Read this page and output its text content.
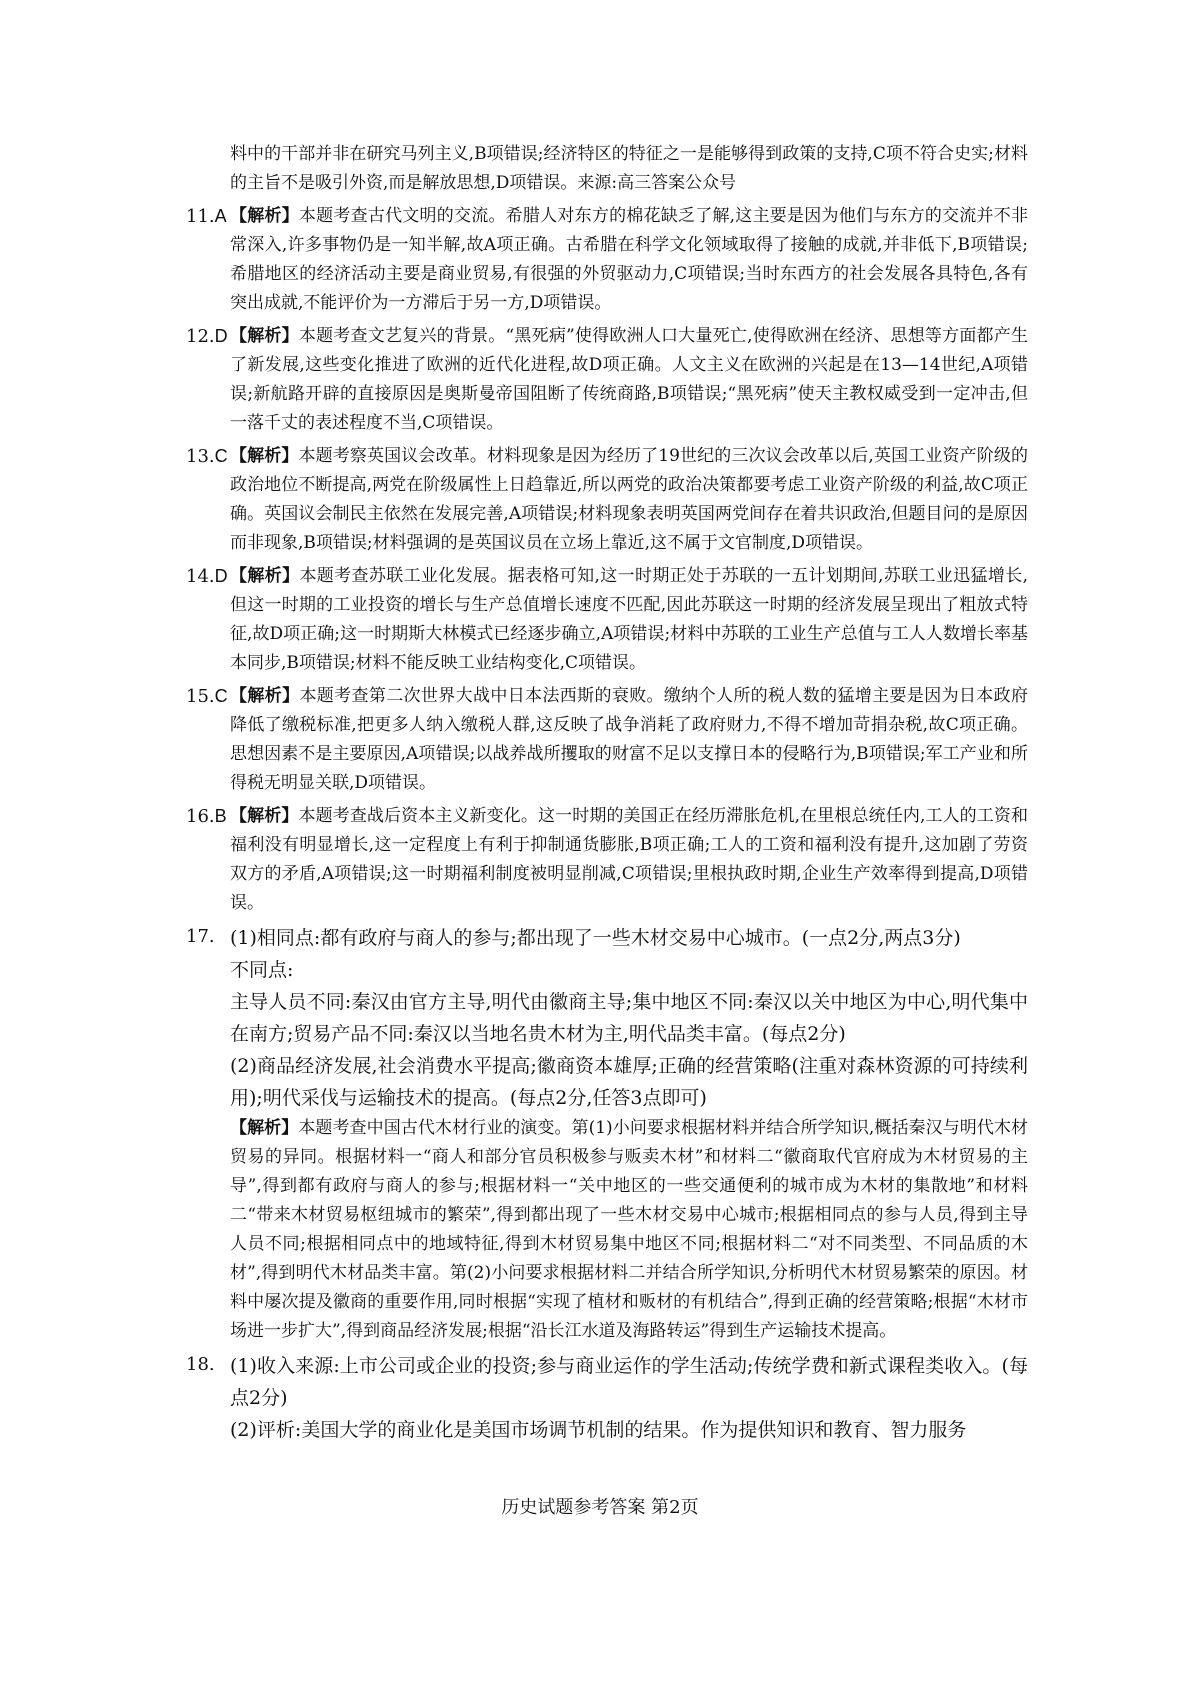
料中的干部并非在研究马列主义,B项错误;经济特区的特征之一是能够得到政策的支持,C项不符合史实;材料的主旨不是吸引外资,而是解放思想,D项错误。来源:高三答案公众号
11.A 【解析】本题考查古代文明的交流。希腊人对东方的棉花缺乏了解,这主要是因为他们与东方的交流并不非常深入,许多事物仍是一知半解,故A项正确。古希腊在科学文化领域取得了接触的成就,并非低下,B项错误;希腊地区的经济活动主要是商业贸易,有很强的外贸驱动力,C项错误;当时东西方的社会发展各具特色,各有突出成就,不能评价为一方滞后于另一方,D项错误。
12.D 【解析】本题考查文艺复兴的背景。“黑死病”使得欧洲人口大量死亡,使得欧洲在经济、思想等方面都产生了新发展,这些变化推进了欧洲的近代化进程,故D项正确。人文主义在欧洲的兴起是在13—14世纪,A项错误;新航路开辟的直接原因是奥斯曼帝国阻断了传统商路,B项错误;“黑死病”使天主教权威受到一定冲击,但一落千丈的表述程度不当,C项错误。
13.C 【解析】本题考察英国议会改革。材料现象是因为经历了19世纪的三次议会改革以后,英国工业资产阶级的政治地位不断提高,两党在阶级属性上日趋靠近,所以两党的政治决策都要考虑工业资产阶级的利益,故C项正确。英国议会制民主依然在发展完善,A项错误;材料现象表明英国两党间存在着共识政治,但题目问的是原因而非现象,B项错误;材料强调的是英国议员在立场上靠近,这不属于文官制度,D项错误。
14.D 【解析】本题考查苏联工业化发展。据表格可知,这一时期正处于苏联的一五计划期间,苏联工业迅猛增长,但这一时期的工业投资的增长与生产总值增长速度不匹配,因此苏联这一时期的经济发展呈现出了粗放式特征,故D项正确;这一时期斯大林模式已经逐步确立,A项错误;材料中苏联的工业生产总值与工人人数增长率基本同步,B项错误;材料不能反映工业结构变化,C项错误。
15.C 【解析】本题考查第二次世界大战中日本法西斯的衰败。缴纳个人所的税人数的猛增主要是因为日本政府降低了缴税标准,把更多人纳入缴税人群,这反映了战争消耗了政府财力,不得不增加苛捐杂税,故C项正确。思想因素不是主要原因,A项错误;以战养战所攫取的财富不足以支撑日本的侵略行为,B项错误;军工产业和所得税无明显关联,D项错误。
16.B 【解析】本题考查战后资本主义新变化。这一时期的美国正在经历滞胀危机,在里根总统任内,工人的工资和福利没有明显增长,这一定程度上有利于抑制通货膨胀,B项正确;工人的工资和福利没有提升,这加剧了劳资双方的矛盾,A项错误;这一时期福利制度被明显削减,C项错误;里根执政时期,企业生产效率得到提高,D项错误。
17. (1)相同点:都有政府与商人的参与;都出现了一些木材交易中心城市。(一点2分,两点3分)
不同点:
主导人员不同:秦汉由官方主导,明代由徽商主导;集中地区不同:秦汉以关中地区为中心,明代集中在南方;贸易产品不同:秦汉以当地名贵木材为主,明代品类丰富。(每点2分)
(2)商品经济发展,社会消费水平提高;徽商资本雄厚;正确的经营策略(注重对森林资源的可持续利用);明代采伐与运输技术的提高。(每点2分,任答3点即可)
【解析】本题考查中国古代木材行业的演变。第(1)小问要求根据材料并结合所学知识,概括秦汉与明代木材贸易的异同。根据材料一“商人和部分官员积极参与贩卖木材”和材料二“徽商取代官府成为木材贸易的主导”,得到都有政府与商人的参与;根据材料一“关中地区的一些交通便利的城市成为木材的集散地”和材料二“带来木材贸易枢纽城市的繁荣”,得到都出现了一些木材交易中心城市;根据相同点的参与人员,得到主导人员不同;根据相同点中的地域特征,得到木材贸易集中地区不同;根据材料二“对不同类型、不同品质的木材”,得到明代木材品类丰富。第(2)小问要求根据材料二并结合所学知识,分析明代木材贸易繁荣的原因。材料中屡次提及徽商的重要作用,同时根据“实现了植材和贩材的有机结合”,得到正确的经营策略;根据“木材市场进一步扩大”,得到商品经济发展;根据“沿长江水道及海路转运”得到生产运输技术提高。
18. (1)收入来源:上市公司或企业的投资;参与商业运作的学生活动;传统学费和新式课程类收入。(每点2分)
(2)评析:美国大学的商业化是美国市场调节机制的结果。作为提供知识和教育、智力服务
历史试题参考答案 第2页
